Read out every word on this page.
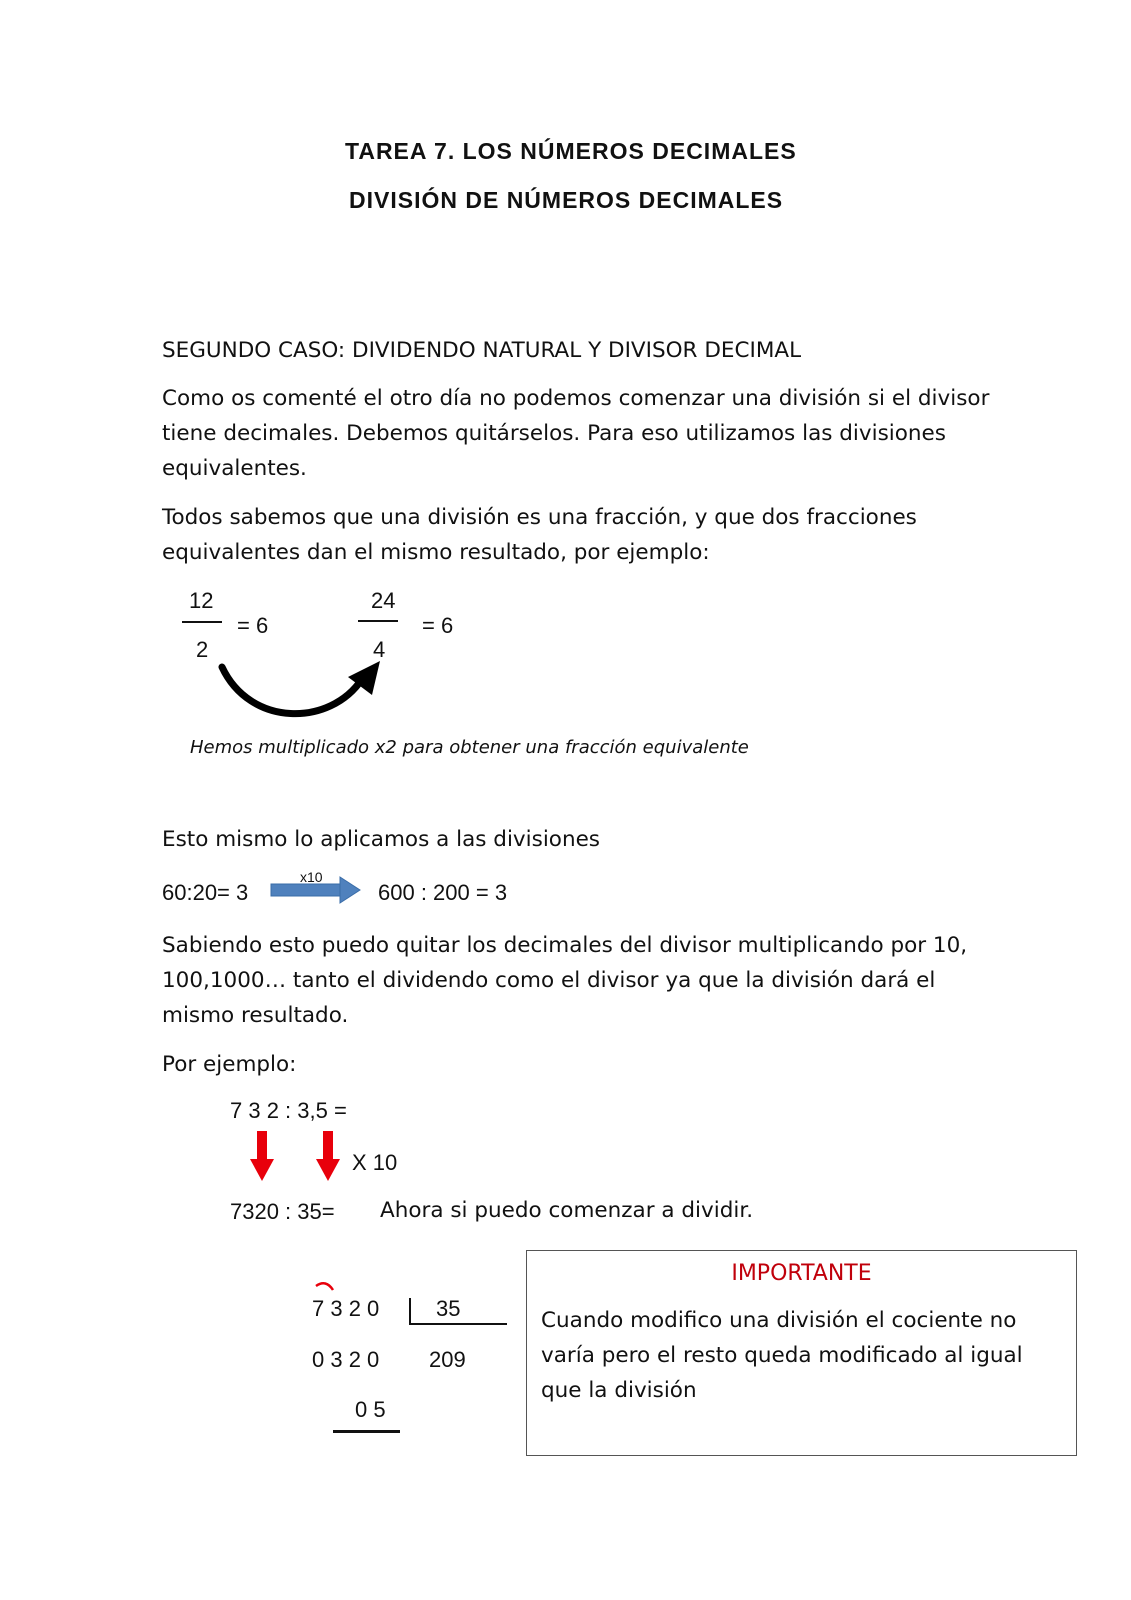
TAREA 7. LOS NÚMEROS DECIMALES
DIVISIÓN DE NÚMEROS DECIMALES
SEGUNDO CASO: DIVIDENDO NATURAL Y DIVISOR DECIMAL
Como os comenté el otro día no podemos comenzar una división si el divisor tiene decimales. Debemos quitárselos. Para eso utilizamos las divisiones equivalentes.
Todos sabemos que una división es una fracción, y que dos fracciones equivalentes dan el mismo resultado, por ejemplo:
12
2
= 6
24
4
= 6
Hemos multiplicado x2 para obtener una fracción equivalente
Esto mismo lo aplicamos a las divisiones
60:20= 3
x10
600 : 200 = 3
Sabiendo esto puedo quitar los decimales del divisor multiplicando por 10, 100,1000… tanto el dividendo como el divisor ya que la división dará el mismo resultado.
Por ejemplo:
7 3 2 : 3,5 =
X 10
7320 : 35= Ahora si puedo comenzar a dividir.
7 3 2 0	35
0 3 2 0 209
0 5
IMPORTANTE
Cuando modifico una división el cociente no varía pero el resto queda modificado al igual que la división
